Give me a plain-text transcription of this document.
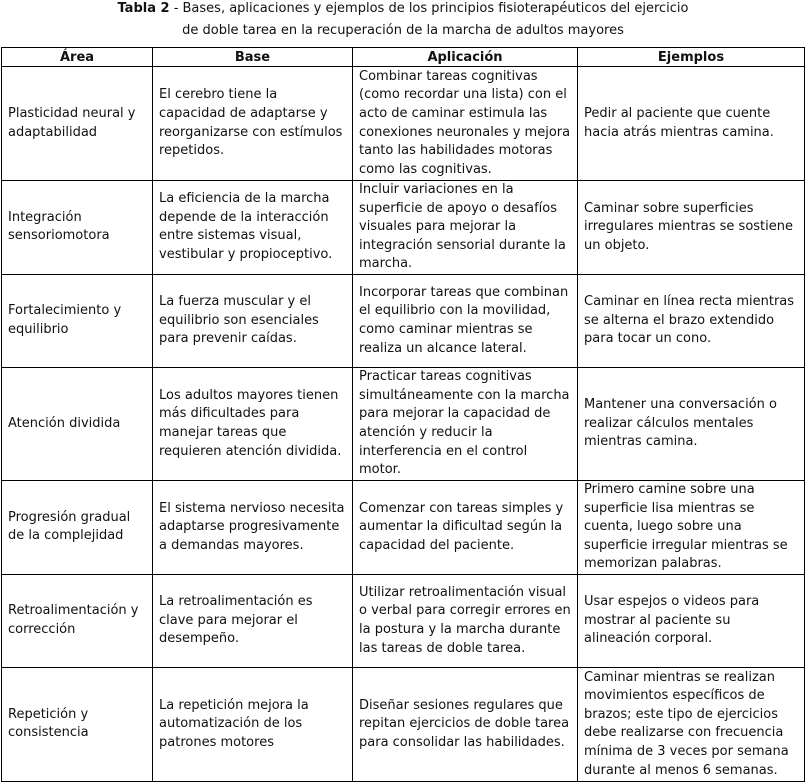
Tabla 2 - Bases, aplicaciones y ejemplos de los principios fisioterapéuticos del ejercicio
de doble tarea en la recuperación de la marcha de adultos mayores
Área	Base	Aplicación	Ejemplos
Plasticidad neural y adaptabilidad	El cerebro tiene la capacidad de adaptarse y reorganizarse con estímulos repetidos.	Combinar tareas cognitivas (como recordar una lista) con el acto de caminar estimula las conexiones neuronales y mejora tanto las habilidades motoras como las cognitivas.	Pedir al paciente que cuente hacia atrás mientras camina.
Integración sensoriomotora	La eficiencia de la marcha depende de la interacción entre sistemas visual, vestibular y propioceptivo.	Incluir variaciones en la superficie de apoyo o desafíos visuales para mejorar la integración sensorial durante la marcha.	Caminar sobre superficies irregulares mientras se sostiene un objeto.
Fortalecimiento y equilibrio	La fuerza muscular y el equilibrio son esenciales para prevenir caídas.	Incorporar tareas que combinan el equilibrio con la movilidad, como caminar mientras se realiza un alcance lateral.	Caminar en línea recta mientras se alterna el brazo extendido para tocar un cono.
Atención dividida	Los adultos mayores tienen más dificultades para manejar tareas que requieren atención dividida.	Practicar tareas cognitivas simultáneamente con la marcha para mejorar la capacidad de atención y reducir la interferencia en el control motor.	Mantener una conversación o realizar cálculos mentales mientras camina.
Progresión gradual de la complejidad	El sistema nervioso necesita adaptarse progresivamente a demandas mayores.	Comenzar con tareas simples y aumentar la dificultad según la capacidad del paciente.	Primero camine sobre una superficie lisa mientras se cuenta, luego sobre una superficie irregular mientras se memorizan palabras.
Retroalimentación y corrección	La retroalimentación es clave para mejorar el desempeño.	Utilizar retroalimentación visual o verbal para corregir errores en la postura y la marcha durante las tareas de doble tarea.	Usar espejos o videos para mostrar al paciente su alineación corporal.
Repetición y consistencia	La repetición mejora la automatización de los patrones motores	Diseñar sesiones regulares que repitan ejercicios de doble tarea para consolidar las habilidades.	Caminar mientras se realizan movimientos específicos de brazos; este tipo de ejercicios debe realizarse con frecuencia mínima de 3 veces por semana durante al menos 6 semanas.
